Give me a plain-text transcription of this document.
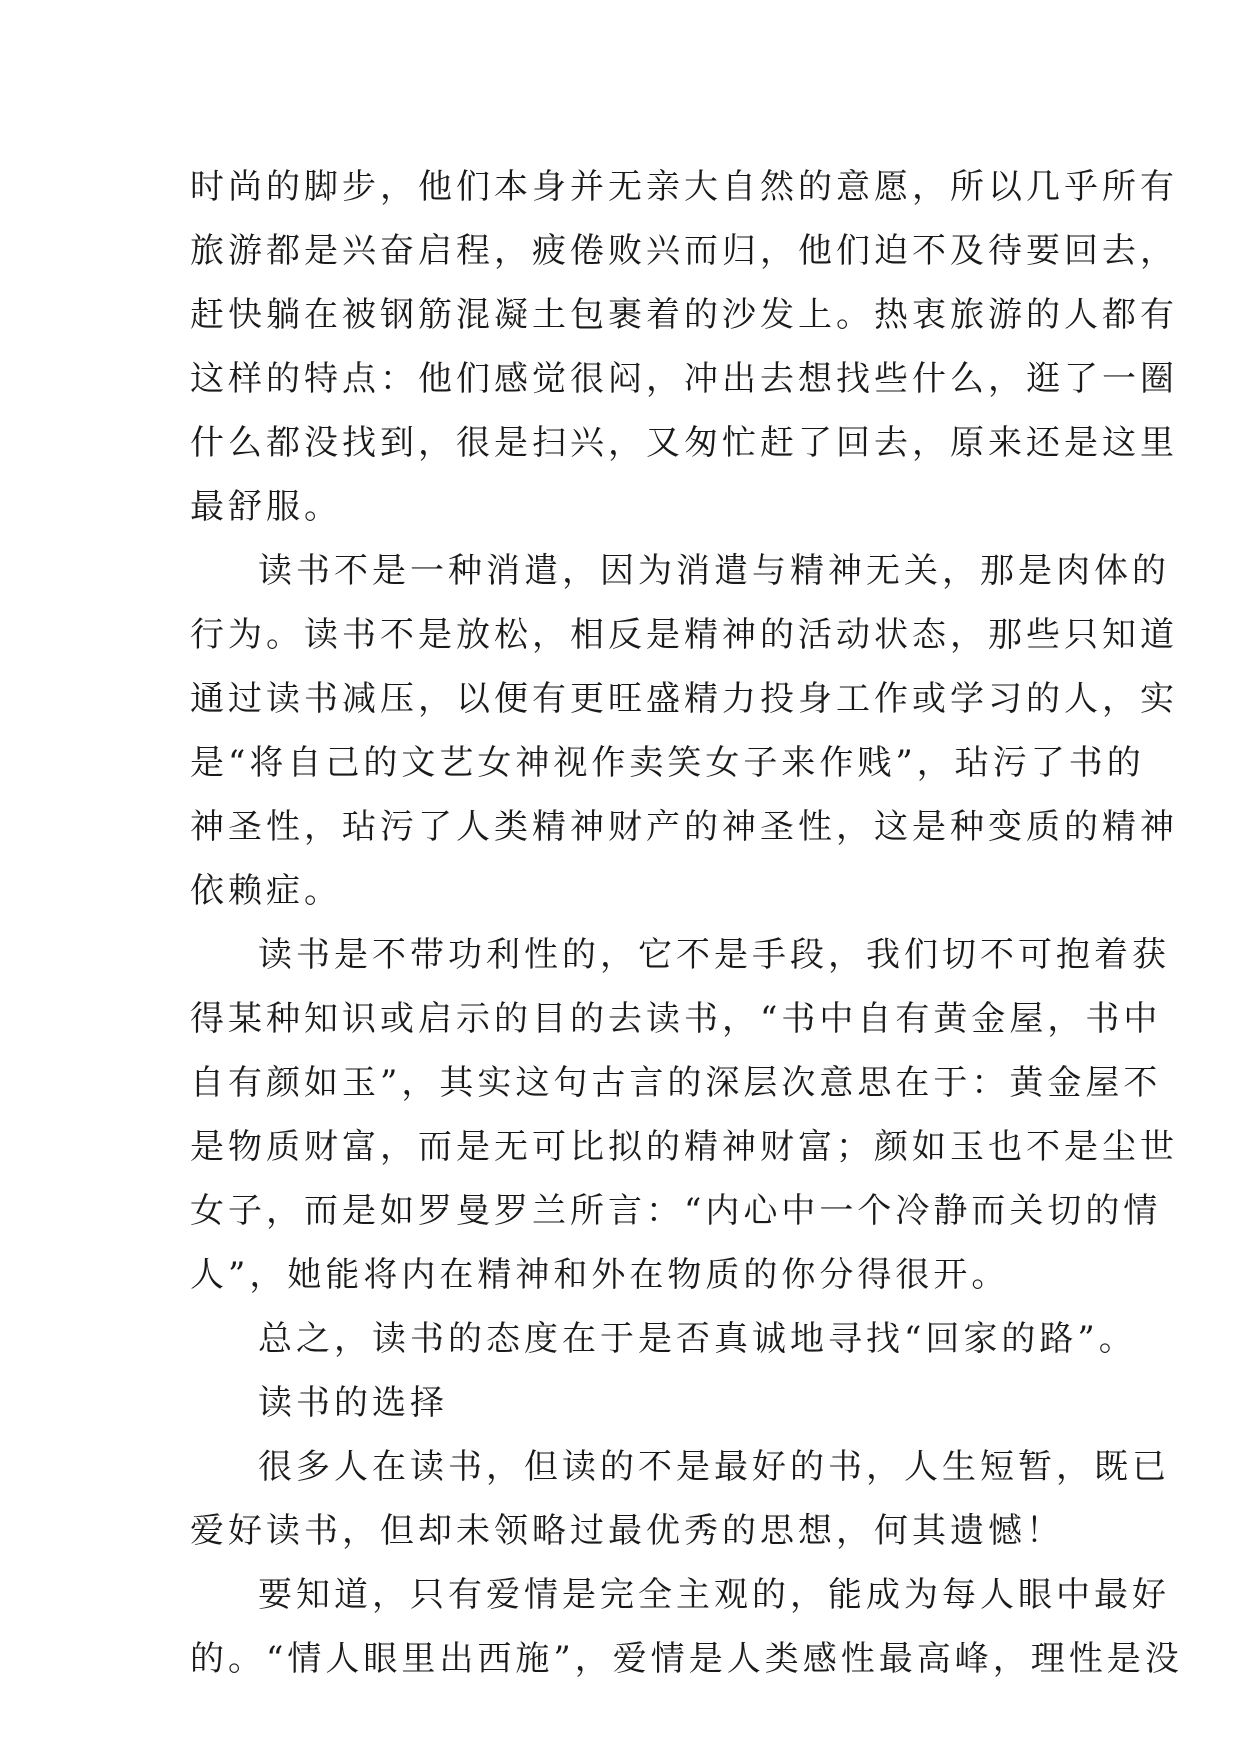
时尚的脚步，他们本身并无亲大自然的意愿，所以几乎所有
旅游都是兴奋启程，疲倦败兴而归，他们迫不及待要回去，
赶快躺在被钢筋混凝土包裹着的沙发上。热衷旅游的人都有
这样的特点：他们感觉很闷，冲出去想找些什么，逛了一圈
什么都没找到，很是扫兴，又匆忙赶了回去，原来还是这里
最舒服。
读书不是一种消遣，因为消遣与精神无关，那是肉体的
行为。读书不是放松，相反是精神的活动状态，那些只知道
通过读书减压，以便有更旺盛精力投身工作或学习的人，实
是“将自己的文艺女神视作卖笑女子来作贱”，玷污了书的
神圣性，玷污了人类精神财产的神圣性，这是种变质的精神
依赖症。
读书是不带功利性的，它不是手段，我们切不可抱着获
得某种知识或启示的目的去读书，“书中自有黄金屋，书中
自有颜如玉”，其实这句古言的深层次意思在于：黄金屋不
是物质财富，而是无可比拟的精神财富；颜如玉也不是尘世
女子，而是如罗曼罗兰所言：“内心中一个冷静而关切的情
人”，她能将内在精神和外在物质的你分得很开。
总之，读书的态度在于是否真诚地寻找“回家的路”。
读书的选择
很多人在读书，但读的不是最好的书，人生短暂，既已
爱好读书，但却未领略过最优秀的思想，何其遗憾！
要知道，只有爱情是完全主观的，能成为每人眼中最好
的。“情人眼里出西施”，爱情是人类感性最高峰，理性是没
